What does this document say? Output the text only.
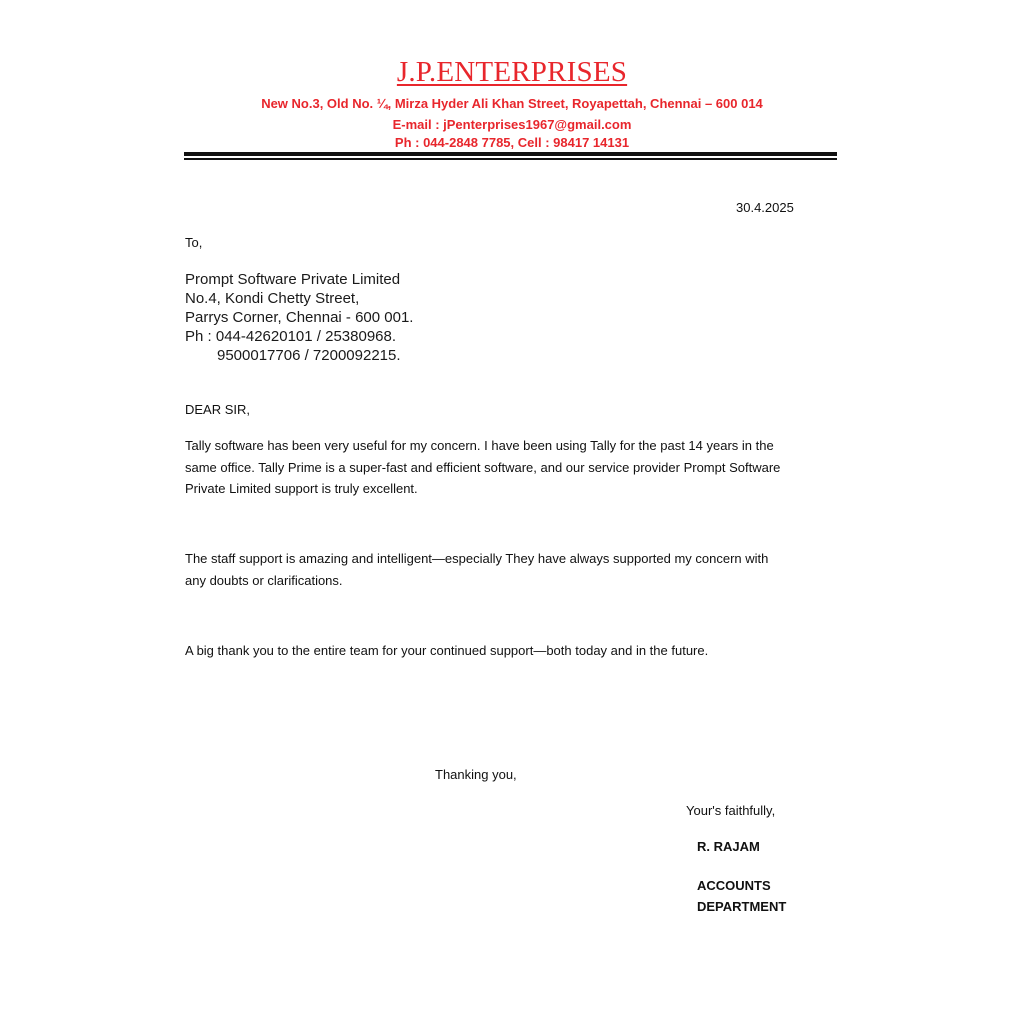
J.P.ENTERPRISES
New No.3, Old No. ¼, Mirza Hyder Ali Khan Street, Royapettah, Chennai – 600 014
E-mail : jPenterprises1967@gmail.com
Ph : 044-2848 7785, Cell : 98417 14131
30.4.2025
To,
Prompt Software Private Limited
No.4, Kondi Chetty Street,
Parrys Corner, Chennai - 600 001.
Ph : 044-42620101 / 25380968.
9500017706 / 7200092215.
DEAR SIR,
Tally software has been very useful for my concern. I have been using Tally for the past 14 years in the
same office. Tally Prime is a super-fast and efficient software, and our service provider Prompt Software
Private Limited support is truly excellent.
The staff support is amazing and intelligent—especially They have always supported my concern with
any doubts or clarifications.
A big thank you to the entire team for your continued support—both today and in the future.
Thanking you,
Your's faithfully,
R. RAJAM
ACCOUNTS
DEPARTMENT
